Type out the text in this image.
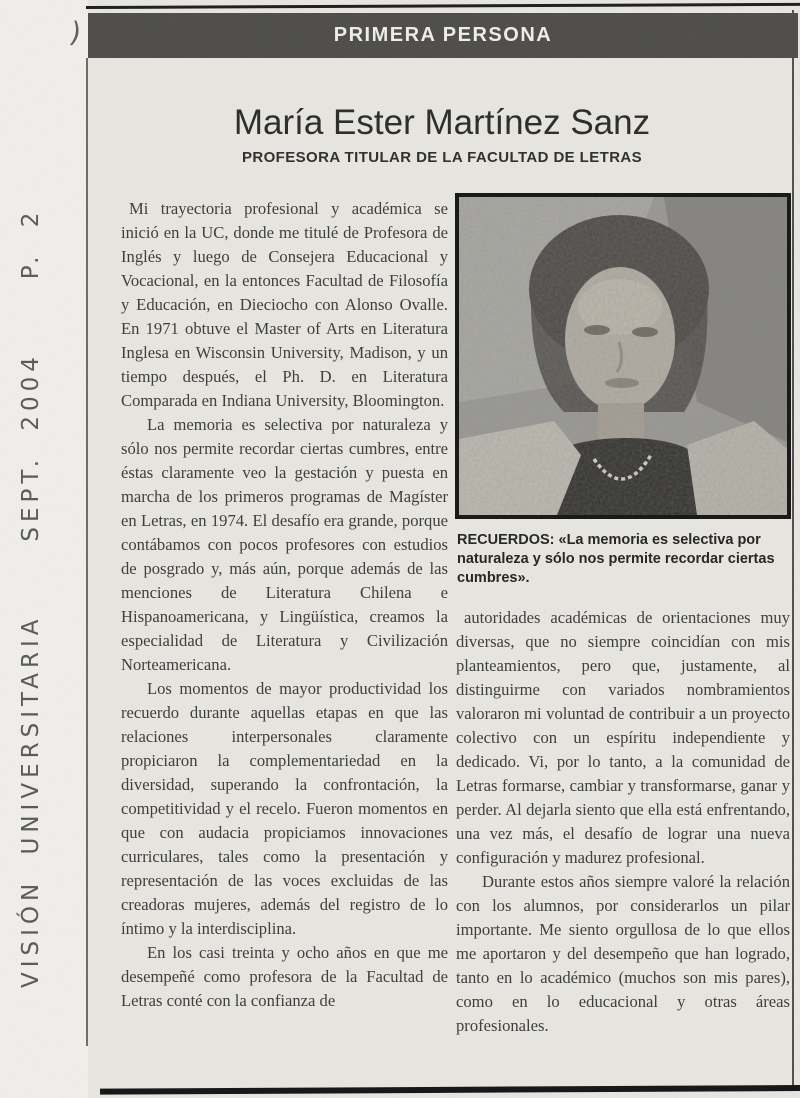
)
VISIÓN UNIVERSITARIA   SEPT. 2004   P. 2
PRIMERA PERSONA
María Ester Martínez Sanz
PROFESORA TITULAR DE LA FACULTAD DE LETRAS
RECUERDOS: «La memoria es selectiva por naturaleza y sólo nos permite recordar ciertas cumbres».

Mi trayectoria profesional y académica se inició en la UC, donde me titulé de Profesora de Inglés y luego de Consejera Educacional y Vocacional, en la entonces Facultad de Filosofía y Educación, en Dieciocho con Alonso Ovalle. En 1971 obtuve el Master of Arts en Literatura Inglesa en Wisconsin University, Madison, y un tiempo después, el Ph. D. en Literatura Comparada en Indiana University, Bloomington.

La memoria es selectiva por naturaleza y sólo nos permite recordar ciertas cumbres, entre éstas claramente veo la gestación y puesta en marcha de los primeros programas de Magíster en Letras, en 1974. El desafío era grande, porque contábamos con pocos profesores con estudios de posgrado y, más aún, porque además de las menciones de Literatura Chilena e Hispanoamericana, y Lingüística, creamos la especialidad de Literatura y Civilización Norteamericana.

Los momentos de mayor productividad los recuerdo durante aquellas etapas en que las relaciones interpersonales claramente propiciaron la complementariedad en la diversidad, superando la confrontación, la competitividad y el recelo. Fueron momentos en que con audacia propiciamos innovaciones curriculares, tales como la presentación y representación de las voces excluidas de las creadoras mujeres, además del registro de lo íntimo y la interdisciplina.

En los casi treinta y ocho años en que me desempeñé como profesora de la Facultad de Letras conté con la confianza de

autoridades académicas de orientaciones muy diversas, que no siempre coincidían con mis planteamientos, pero que, justamente, al distinguirme con variados nombramientos valoraron mi voluntad de contribuir a un proyecto colectivo con un espíritu independiente y dedicado. Vi, por lo tanto, a la comunidad de Letras formarse, cambiar y transformarse, ganar y perder. Al dejarla siento que ella está enfrentando, una vez más, el desafío de lograr una nueva configuración y madurez profesional.

Durante estos años siempre valoré la relación con los alumnos, por considerarlos un pilar importante. Me siento orgullosa de lo que ellos me aportaron y del desempeño que han logrado, tanto en lo académico (muchos son mis pares), como en lo educacional y otras áreas profesionales.
